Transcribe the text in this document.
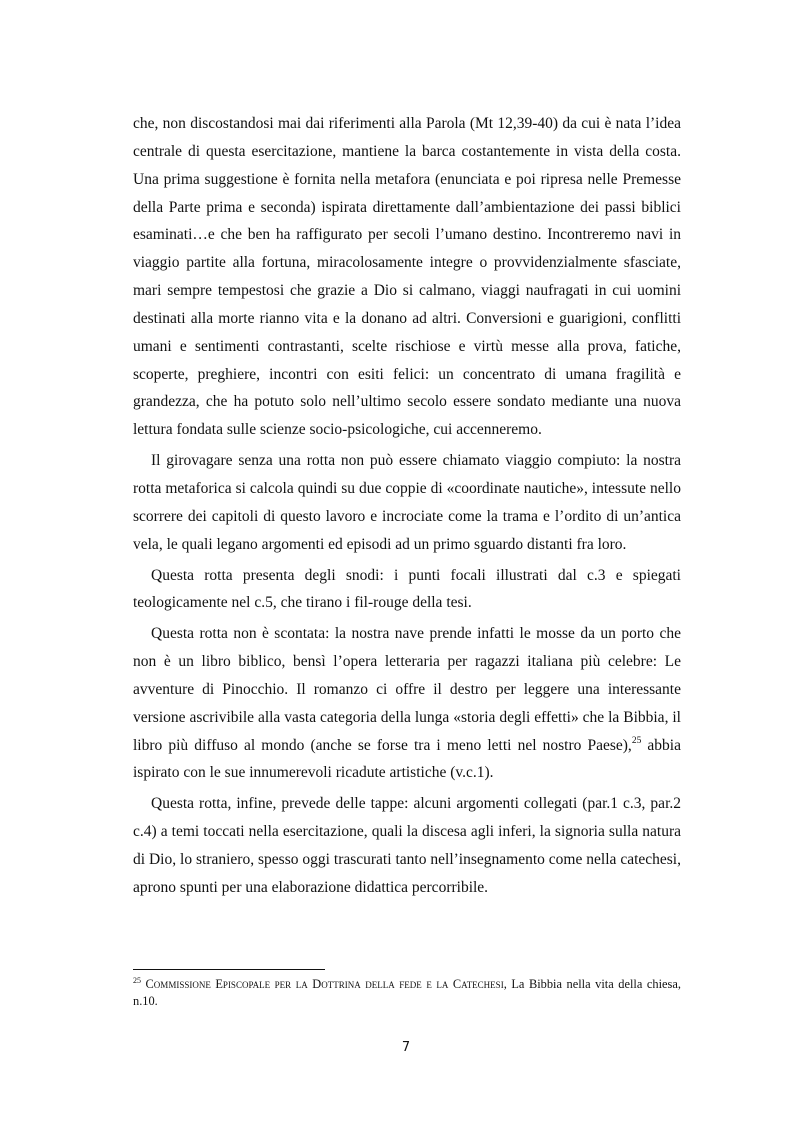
che, non discostandosi mai dai riferimenti alla Parola (Mt 12,39-40) da cui è nata l’idea centrale di questa esercitazione, mantiene la barca costantemente in vista della costa. Una prima suggestione è fornita nella metafora (enunciata e poi ripresa nelle Premesse della Parte prima e seconda) ispirata direttamente dall’ambientazione dei passi biblici esaminati…e che ben ha raffigurato per secoli l’umano destino. Incontreremo navi in viaggio partite alla fortuna, miracolosamente integre o provvidenzialmente sfasciate, mari sempre tempestosi che grazie a Dio si calmano, viaggi naufragati in cui uomini destinati alla morte rianno vita e la donano ad altri. Conversioni e guarigioni, conflitti umani e sentimenti contrastanti, scelte rischiose e virtù messe alla prova, fatiche, scoperte, preghiere, incontri con esiti felici: un concentrato di umana fragilità e grandezza, che ha potuto solo nell’ultimo secolo essere sondato mediante una nuova lettura fondata sulle scienze socio-psicologiche, cui accenneremo.

Il girovagare senza una rotta non può essere chiamato viaggio compiuto: la nostra rotta metaforica si calcola quindi su due coppie di «coordinate nautiche», intessute nello scorrere dei capitoli di questo lavoro e incrociate come la trama e l’ordito di un’antica vela, le quali legano argomenti ed episodi ad un primo sguardo distanti fra loro.

Questa rotta presenta degli snodi: i punti focali illustrati dal c.3 e spiegati teologicamente nel c.5, che tirano i fil-rouge della tesi.

Questa rotta non è scontata: la nostra nave prende infatti le mosse da un porto che non è un libro biblico, bensì l’opera letteraria per ragazzi italiana più celebre: Le avventure di Pinocchio. Il romanzo ci offre il destro per leggere una interessante versione ascrivibile alla vasta categoria della lunga «storia degli effetti» che la Bibbia, il libro più diffuso al mondo (anche se forse tra i meno letti nel nostro Paese),$^{25}$ abbia ispirato con le sue innumerevoli ricadute artistiche (v.c.1).

Questa rotta, infine, prevede delle tappe: alcuni argomenti collegati (par.1 c.3, par.2 c.4) a temi toccati nella esercitazione, quali la discesa agli inferi, la signoria sulla natura di Dio, lo straniero, spesso oggi trascurati tanto nell’insegnamento come nella catechesi, aprono spunti per una elaborazione didattica percorribile.

$^{25}$ Commissione Episcopale per la Dottrina della fede e la Catechesi, La Bibbia nella vita della chiesa, n.10.
7
